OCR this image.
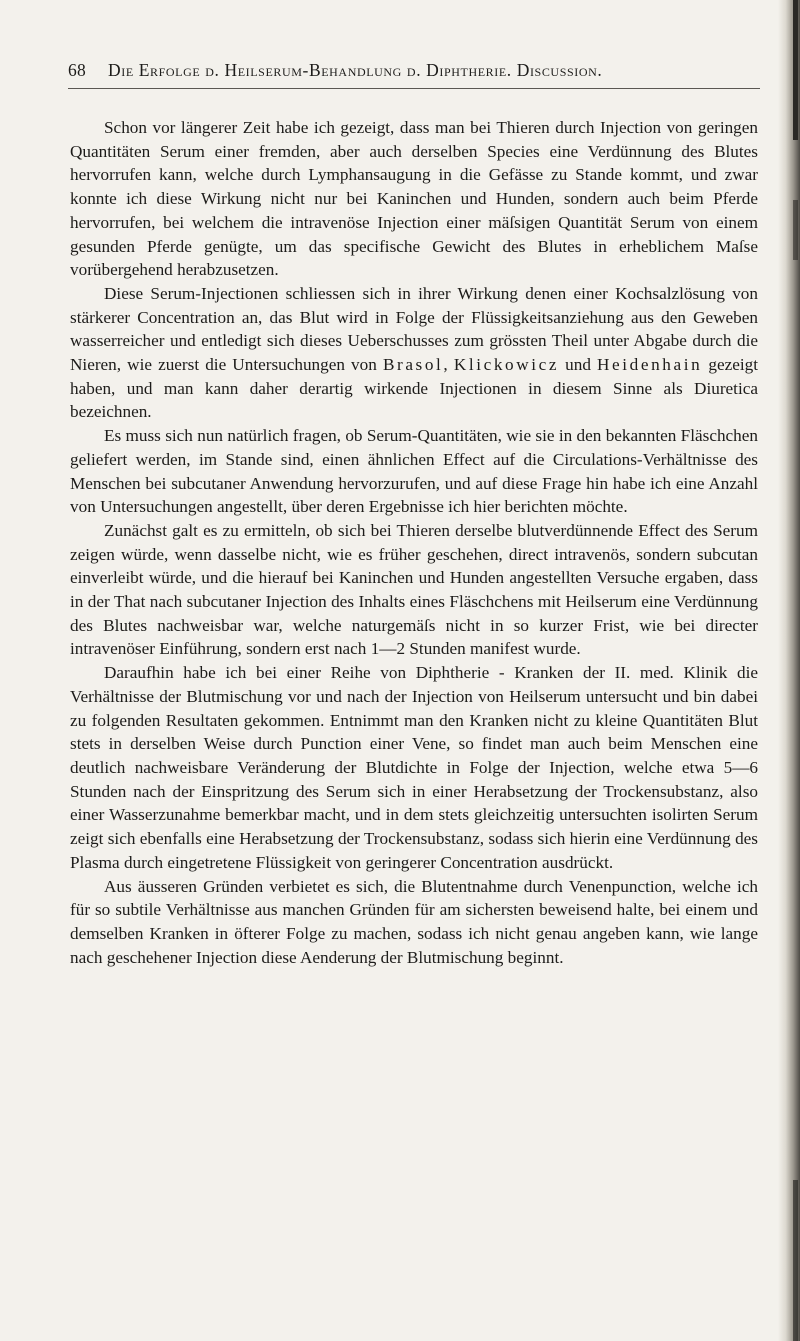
68 Die Erfolge d. Heilserum-Behandlung d. Diphtherie. Discussion.

Schon vor längerer Zeit habe ich gezeigt, dass man bei Thieren durch Injection von geringen Quantitäten Serum einer fremden, aber auch derselben Species eine Verdünnung des Blutes hervorrufen kann, welche durch Lymphansaugung in die Gefässe zu Stande kommt, und zwar konnte ich diese Wirkung nicht nur bei Kaninchen und Hunden, sondern auch beim Pferde hervorrufen, bei welchem die intravenöse Injection einer mäſsigen Quantität Serum von einem gesunden Pferde genügte, um das specifische Gewicht des Blutes in erheblichem Maſse vorübergehend herabzusetzen.

Diese Serum-Injectionen schliessen sich in ihrer Wirkung denen einer Kochsalzlösung von stärkerer Concentration an, das Blut wird in Folge der Flüssigkeitsanziehung aus den Geweben wasserreicher und entledigt sich dieses Ueberschusses zum grössten Theil unter Abgabe durch die Nieren, wie zuerst die Untersuchungen von Brasol, Klickowicz und Heidenhain gezeigt haben, und man kann daher derartig wirkende Injectionen in diesem Sinne als Diuretica bezeichnen.

Es muss sich nun natürlich fragen, ob Serum-Quantitäten, wie sie in den bekannten Fläschchen geliefert werden, im Stande sind, einen ähnlichen Effect auf die Circulations-Verhältnisse des Menschen bei subcutaner Anwendung hervorzurufen, und auf diese Frage hin habe ich eine Anzahl von Untersuchungen angestellt, über deren Ergebnisse ich hier berichten möchte.

Zunächst galt es zu ermitteln, ob sich bei Thieren derselbe blutverdünnende Effect des Serum zeigen würde, wenn dasselbe nicht, wie es früher geschehen, direct intravenös, sondern subcutan einverleibt würde, und die hierauf bei Kaninchen und Hunden angestellten Versuche ergaben, dass in der That nach subcutaner Injection des Inhalts eines Fläschchens mit Heilserum eine Verdünnung des Blutes nachweisbar war, welche naturgemäſs nicht in so kurzer Frist, wie bei directer intravenöser Einführung, sondern erst nach 1—2 Stunden manifest wurde.

Daraufhin habe ich bei einer Reihe von Diphtherie - Kranken der II. med. Klinik die Verhältnisse der Blutmischung vor und nach der Injection von Heilserum untersucht und bin dabei zu folgenden Resultaten gekommen. Entnimmt man den Kranken nicht zu kleine Quantitäten Blut stets in derselben Weise durch Punction einer Vene, so findet man auch beim Menschen eine deutlich nachweisbare Veränderung der Blutdichte in Folge der Injection, welche etwa 5—6 Stunden nach der Einspritzung des Serum sich in einer Herabsetzung der Trockensubstanz, also einer Wasserzunahme bemerkbar macht, und in dem stets gleichzeitig untersuchten isolirten Serum zeigt sich ebenfalls eine Herabsetzung der Trockensubstanz, sodass sich hierin eine Verdünnung des Plasma durch eingetretene Flüssigkeit von geringerer Concentration ausdrückt.

Aus äusseren Gründen verbietet es sich, die Blutentnahme durch Venenpunction, welche ich für so subtile Verhältnisse aus manchen Gründen für am sichersten beweisend halte, bei einem und demselben Kranken in öfterer Folge zu machen, sodass ich nicht genau angeben kann, wie lange nach geschehener Injection diese Aenderung der Blutmischung beginnt.
